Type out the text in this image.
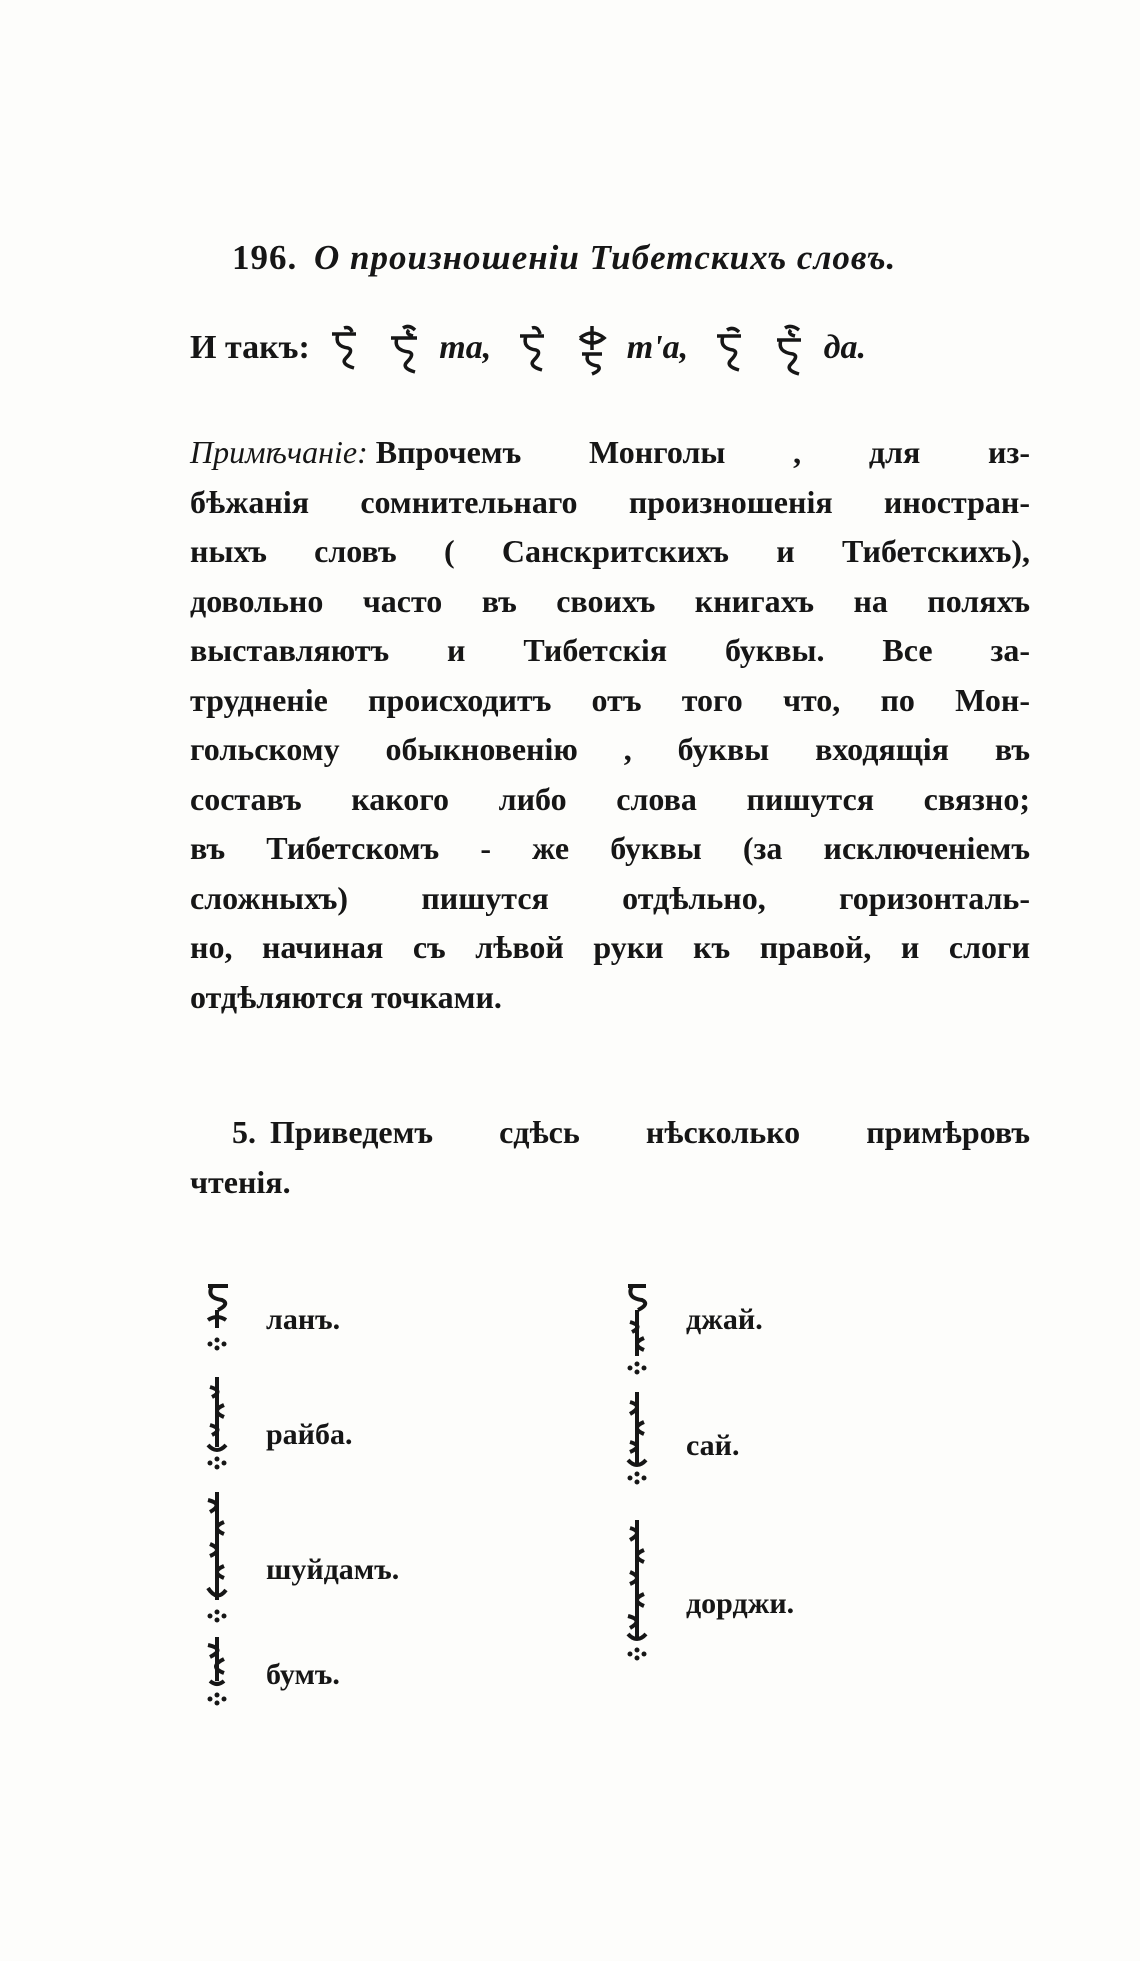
196. О произношеніи Тибетскихъ словъ.
И такъ:	та,	т'а,	да.
Примѣчаніе: Впрочемъ Монголы , для из-
бѣжанія сомнительнаго произношенія иностран-
ныхъ словъ ( Санскритскихъ и Тибетскихъ),
довольно часто въ своихъ книгахъ на поляхъ
выставляютъ и Тибетскія буквы. Все за-
трудненіе происходитъ отъ того что, по Мон-
гольскому обыкновенію , буквы входящія въ
составъ какого либо слова пишутся связно;
въ Тибетскомъ - же буквы (за исключеніемъ
сложныхъ) пишутся отдѣльно, горизонталь-
но, начиная съ лѣвой руки къ правой, и слоги
отдѣляются точками.
5. Приведемъ сдѣсь нѣсколько примѣровъ
чтенія.
ланъ.
райба.
шуйдамъ.
бумъ.
джай.
сай.
дорджи.
